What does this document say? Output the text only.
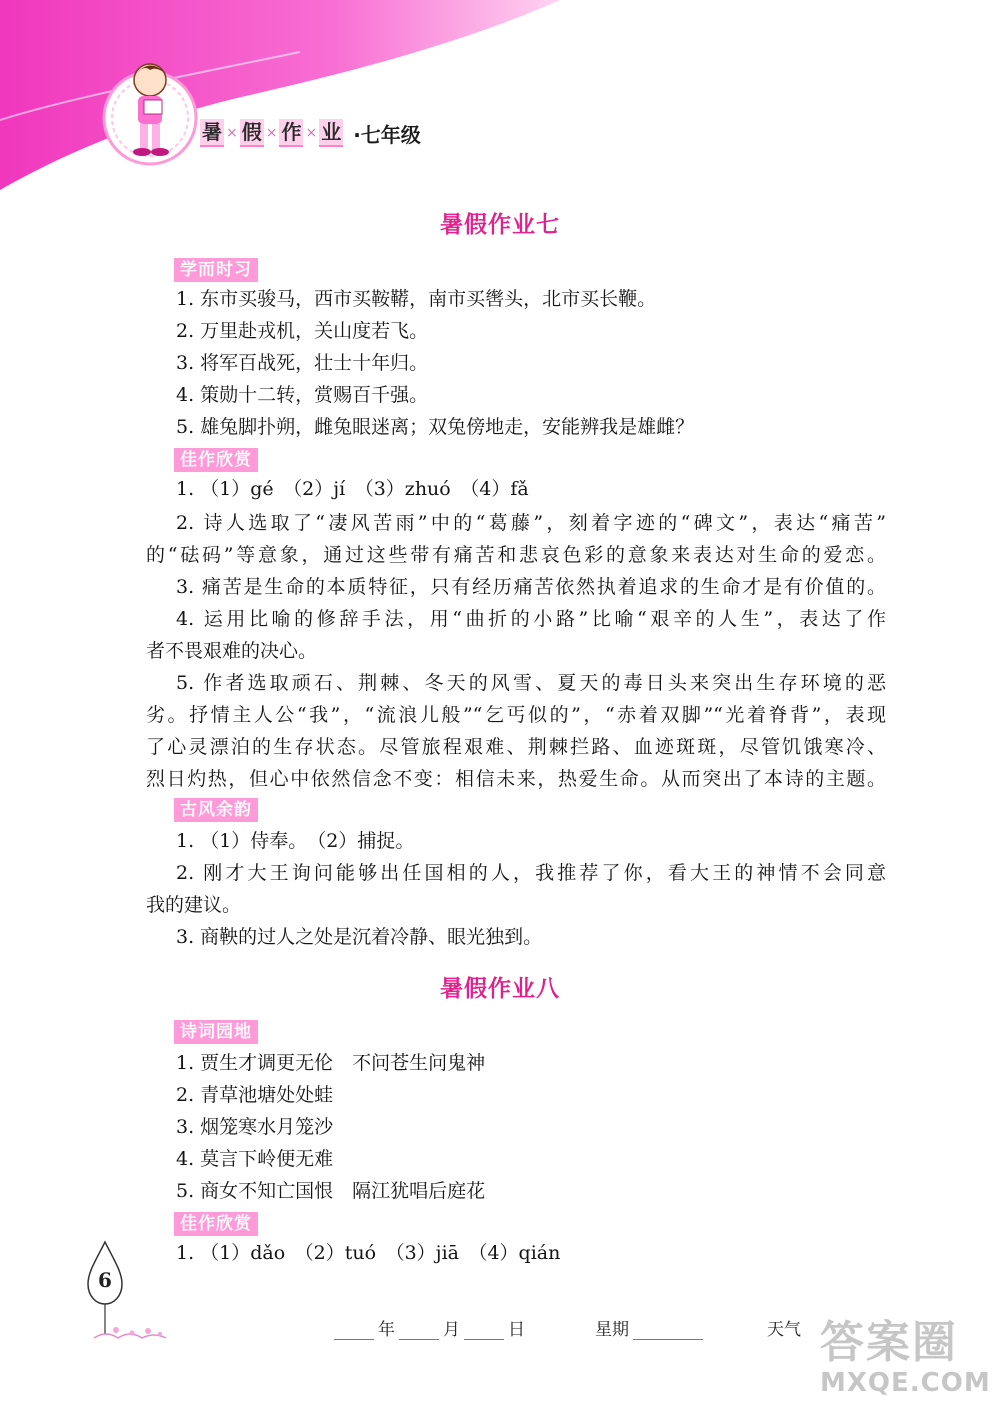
暑 × 假 × 作 × 业 ·七年级
暑假作业七
学而时习
1. 东市买骏马，西市买鞍鞯，南市买辔头，北市买长鞭。
2. 万里赴戎机，关山度若飞。
3. 将军百战死，壮士十年归。
4. 策勋十二转，赏赐百千强。
5. 雄兔脚扑朔，雌兔眼迷离；双兔傍地走，安能辨我是雄雌？
佳作欣赏
1. （1）gé　（2）jí　（3）zhuó　（4）fǎ
2. 诗人选取了“凄风苦雨”中的“葛藤”，刻着字迹的“碑文”，表达“痛苦”
的“砝码”等意象，通过这些带有痛苦和悲哀色彩的意象来表达对生命的爱恋。
3. 痛苦是生命的本质特征，只有经历痛苦依然执着追求的生命才是有价值的。
4. 运用比喻的修辞手法，用“曲折的小路”比喻“艰辛的人生”，表达了作
者不畏艰难的决心。
5. 作者选取顽石、荆棘、冬天的风雪、夏天的毒日头来突出生存环境的恶
劣。抒情主人公“我”，“流浪儿般”“乞丐似的”，“赤着双脚”“光着脊背”，表现
了心灵漂泊的生存状态。尽管旅程艰难、荆棘拦路、血迹斑斑，尽管饥饿寒冷、
烈日灼热，但心中依然信念不变：相信未来，热爱生命。从而突出了本诗的主题。
古风余韵
1. （1）侍奉。　（2）捕捉。
2. 刚才大王询问能够出任国相的人，我推荐了你，看大王的神情不会同意
我的建议。
3. 商鞅的过人之处是沉着冷静、眼光独到。
暑假作业八
诗词园地
1. 贾生才调更无伦　不问苍生问鬼神
2. 青草池塘处处蛙
3. 烟笼寒水月笼沙
4. 莫言下岭便无难
5. 商女不知亡国恨　隔江犹唱后庭花
佳作欣赏
1. （1）dǎo　（2）tuó　（3）jiā　（4）qián
6
年	月	日	星期	天气 答案圈
MXQE.COM
